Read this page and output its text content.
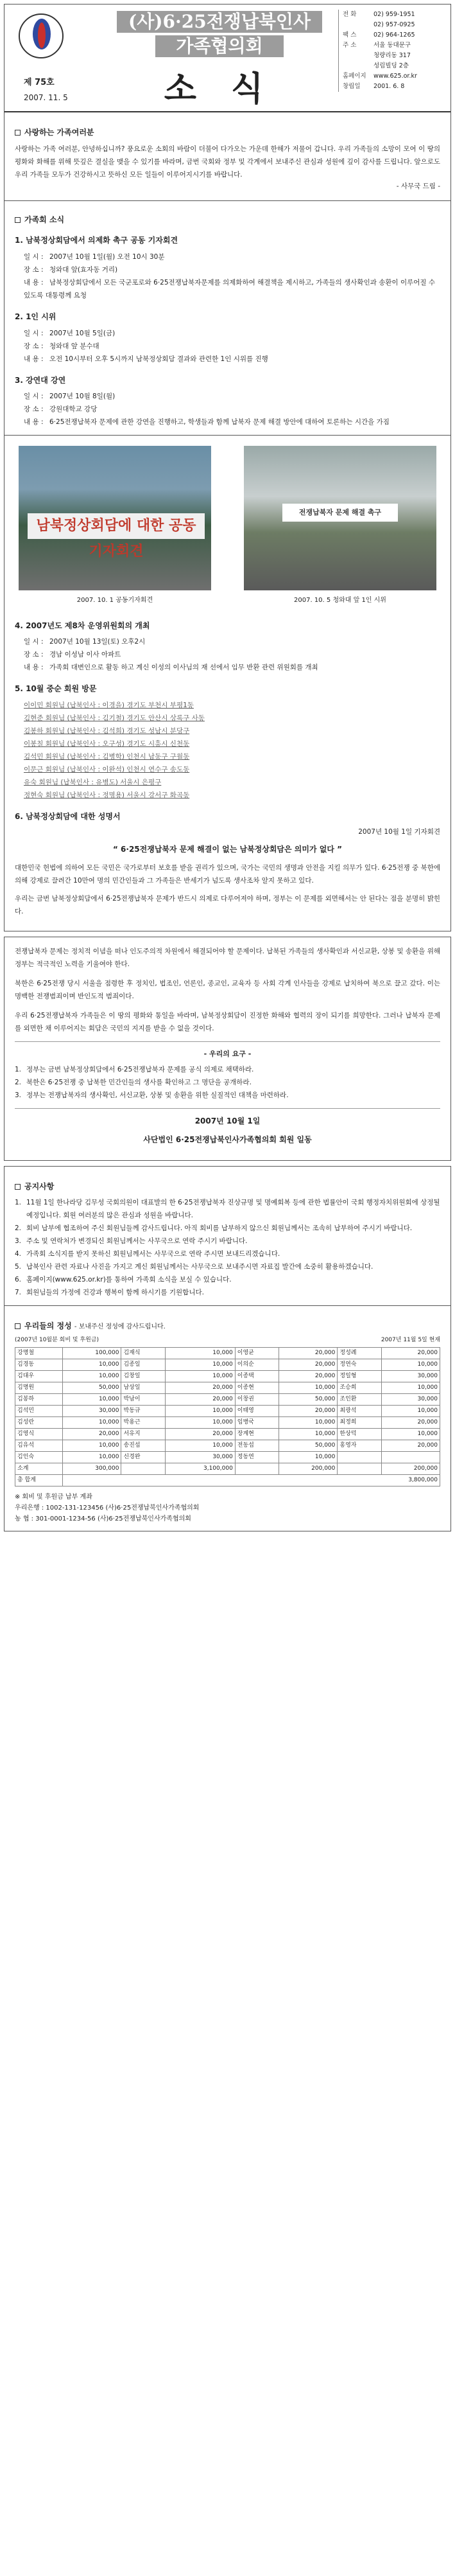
제 75호
2007. 11. 5
(사)6·25전쟁납북인사
가족협의회
소 식
전 화	02) 959-1951
02) 957-0925
팩 스	02) 964-1265
주 소	서울 동대문구
청량리동 317
성림빌딩 2층
홈페이지	www.625.or.kr
창립일	2001. 6. 8
사랑하는 가족여러분

사랑하는 가족 여러분, 안녕하십니까? 풍요로운 소회의 바람이 더불어 다가오는 가운데 한해가 저물어 갑니다. 우리 가족들의 소망이 모여 이 땅의 평화와 화해를 위해 뜻깊은 결실을 맺을 수 있기를 바라며, 금번 국회와 정부 및 각계에서 보내주신 관심과 성원에 깊이 감사를 드립니다. 앞으로도 우리 가족들 모두가 건강하시고 뜻하신 모든 일들이 이루어지시기를 바랍니다.

- 사무국 드림 -
가족회 소식
1. 남북정상회담에서 의제화 촉구 공동 기자회견
일 시 : 2007년 10월 1일(월) 오전 10시 30분
장 소 : 청와대 앞(효자동 거리)
내 용 : 남북정상회담에서 모든 국군포로와 6·25전쟁납북자문제를 의제화하여 해결책을 제시하고, 가족들의 생사확인과 송환이 이루어질 수 있도록 대통령께 요청
2. 1인 시위
일 시 : 2007년 10월 5일(금)
장 소 : 청와대 앞 분수대
내 용 : 오전 10시부터 오후 5시까지 남북정상회담 결과와 관련한 1인 시위를 진행
3. 강연대 강연
일 시 : 2007년 10월 8일(월)
장 소 : 강원대학교 강당
내 용 : 6·25전쟁납북자 문제에 관한 강연을 진행하고, 학생들과 함께 납북자 문제 해결 방안에 대하여 토론하는 시간을 가짐
남북정상회담에 대한 공동 기자회견
전쟁납북자 문제 해결 촉구
2007. 10. 1 공동기자회견	2007. 10. 5 청와대 앞 1인 시위
4. 2007년도 제8차 운영위원회의 개최
일 시 : 2007년 10월 13일(토) 오후2시
장 소 : 경남 이성남 이사 아파트
내 용 : 가족회 대변인으로 활동 하고 계신 이성의 이사님의 재 선에서 임무 반환 관련 위원회를 개최
5. 10월 중순 회원 방문
이이민 회원님 (납북인사 : 이경을) 경기도 부천시 부평1동
김현준 회원님 (납북인사 : 김기철) 경기도 안산시 상록구 사동
김봉하 회원님 (납북인사 : 김석희) 경기도 성남시 분당구
이봉칠 회원님 (납북인사 : 오구성) 경기도 시흥시 신천동
김석민 회원님 (납북인사 : 김병학) 인천시 남동구 구월동
이문근 회원님 (납북인사 : 이완석) 인천시 연수구 송도동
유숙 회원님 (납북인사 : 유병도) 서울시 은평구
정현숙 회원님 (납북인사 : 정명용) 서울시 강서구 화곡동
6. 남북정상회담에 대한 성명서
2007년 10월 1일 기자회견
“ 6·25전쟁납북자 문제 해결이 없는 남북정상회담은 의미가 없다 ”

대한민국 헌법에 의하여 모든 국민은 국가로부터 보호를 받을 권리가 있으며, 국가는 국민의 생명과 안전을 지킬 의무가 있다. 6·25전쟁 중 북한에 의해 강제로 끌려간 10만여 명의 민간인들과 그 가족들은 반세기가 넘도록 생사조차 알지 못하고 있다.

우리는 금번 남북정상회담에서 6·25전쟁납북자 문제가 반드시 의제로 다루어져야 하며, 정부는 이 문제를 외면해서는 안 된다는 점을 분명히 밝힌다.

전쟁납북자 문제는 정치적 이념을 떠나 인도주의적 차원에서 해결되어야 할 문제이다. 납북된 가족들의 생사확인과 서신교환, 상봉 및 송환을 위해 정부는 적극적인 노력을 기울여야 한다.

북한은 6·25전쟁 당시 서울을 점령한 후 정치인, 법조인, 언론인, 종교인, 교육자 등 사회 각계 인사들을 강제로 납치하여 북으로 끌고 갔다. 이는 명백한 전쟁범죄이며 반인도적 범죄이다.

우리 6·25전쟁납북자 가족들은 이 땅의 평화와 통일을 바라며, 남북정상회담이 진정한 화해와 협력의 장이 되기를 희망한다. 그러나 납북자 문제를 외면한 채 이루어지는 회담은 국민의 지지를 받을 수 없을 것이다.

- 우리의 요구 -
1. 정부는 금번 남북정상회담에서 6·25전쟁납북자 문제를 공식 의제로 채택하라.
2. 북한은 6·25전쟁 중 납북한 민간인들의 생사를 확인하고 그 명단을 공개하라.
3. 정부는 전쟁납북자의 생사확인, 서신교환, 상봉 및 송환을 위한 실질적인 대책을 마련하라.
2007년 10월 1일
사단법인 6·25전쟁납북인사가족협의회 회원 일동
공지사항
1. 11월 1일 한나라당 김무성 국회의원이 대표발의 한 6·25전쟁납북자 진상규명 및 명예회복 등에 관한 법률안이 국회 행정자치위원회에 상정될 예정입니다. 회원 여러분의 많은 관심과 성원을 바랍니다.
2. 회비 납부에 협조하여 주신 회원님들께 감사드립니다. 아직 회비를 납부하지 않으신 회원님께서는 조속히 납부하여 주시기 바랍니다.
3. 주소 및 연락처가 변경되신 회원님께서는 사무국으로 연락 주시기 바랍니다.
4. 가족회 소식지를 받지 못하신 회원님께서는 사무국으로 연락 주시면 보내드리겠습니다.
5. 납북인사 관련 자료나 사진을 가지고 계신 회원님께서는 사무국으로 보내주시면 자료집 발간에 소중히 활용하겠습니다.
6. 홈페이지(www.625.or.kr)를 통하여 가족회 소식을 보실 수 있습니다.
7. 회원님들의 가정에 건강과 행복이 함께 하시기를 기원합니다.
우리들의 정성 - 보내주신 정성에 감사드립니다.
(2007년 10월분 회비 및 후원금)	2007년 11월 5일 현재
강명철	100,000	김재식	10,000	이영균	20,000	정성례	20,000
김경동	10,000	김종일	10,000	이의순	20,000	정연숙	10,000
김대우	10,000	김창일	10,000	이종택	20,000	정일형	30,000
김명원	50,000	남상일	20,000	이종현	10,000	조승희	10,000
김봉하	10,000	박남이	20,000	이창권	50,000	조인환	30,000
김석민	30,000	박동규	10,000	이태영	20,000	최광석	10,000
김성란	10,000	박용근	10,000	임병국	10,000	최정희	20,000
김영식	20,000	서유지	20,000	장계현	10,000	한상덕	10,000
김유석	10,000	송진섭	10,000	전동섭	50,000	홍영자	20,000
김인숙	10,000	신경완	30,000	정동연	10,000		
소계	300,000		3,100,000		200,000		200,000
총 합계	3,800,000						
※ 회비 및 후원금 납부 계좌
우리은행 : 1002-131-123456 (사)6·25전쟁납북인사가족협의회
농 협 : 301-0001-1234-56 (사)6·25전쟁납북인사가족협의회
